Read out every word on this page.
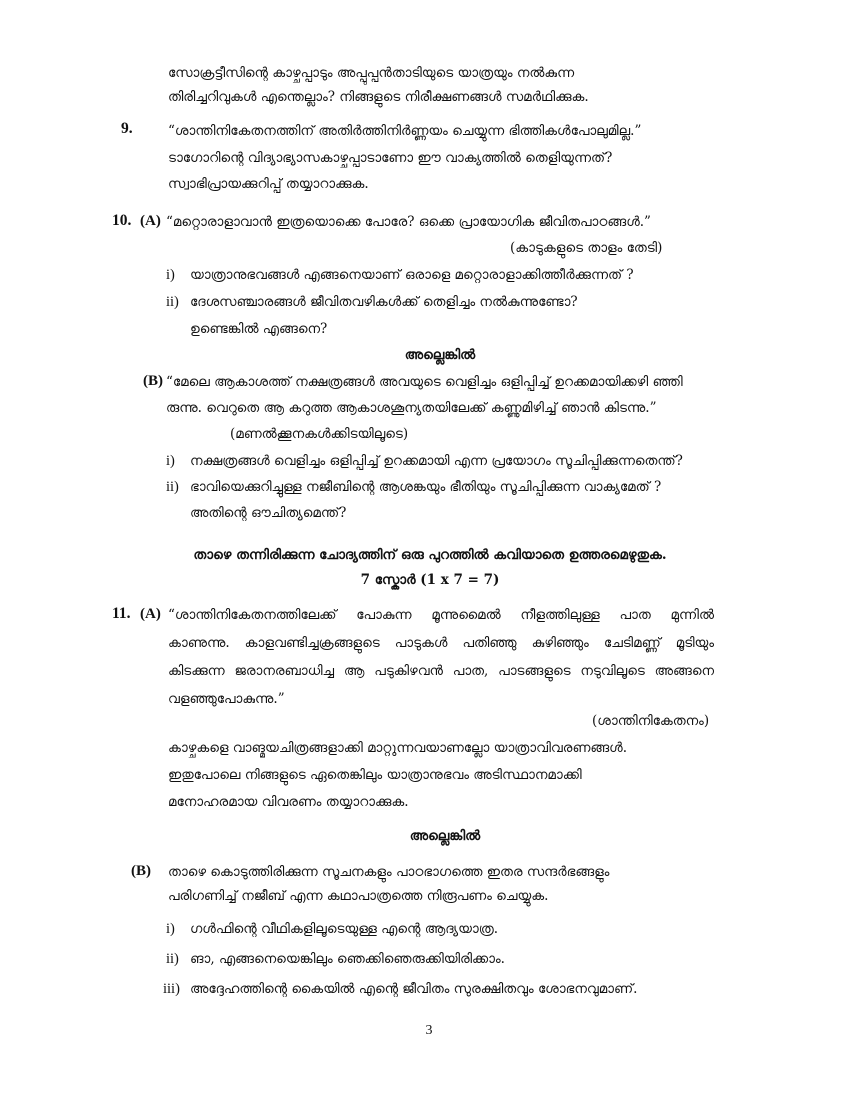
സോക്രട്ടീസിന്റെ കാഴ്ചപ്പാടും അപ്പുപ്പൻതാടിയുടെ യാത്രയും നൽകുന്ന
തിരിച്ചറിവുകൾ എന്തെല്ലാം? നിങ്ങളുടെ നിരീക്ഷണങ്ങൾ സമർഥിക്കുക.
9.	“ശാന്തിനികേതനത്തിന് അതിർത്തിനിർണ്ണയം ചെയ്യുന്ന ഭിത്തികൾപോലുമില്ല.”
ടാഗോറിന്റെ വിദ്യാഭ്യാസകാഴ്ചപ്പാടാണോ ഈ വാക്യത്തിൽ തെളിയുന്നത്?
സ്വാഭിപ്രായക്കുറിപ്പ് തയ്യാറാക്കുക.
10. (A) “മറ്റൊരാളാവാൻ ഇത്രയൊക്കെ പോരേ? ഒക്കെ പ്രായോഗിക ജീവിതപാഠങ്ങൾ.”
(കാടുകളുടെ താളം തേടി)
i) യാത്രാനുഭവങ്ങൾ എങ്ങനെയാണ് ഒരാളെ മറ്റൊരാളാക്കിത്തീർക്കുന്നത് ?
ii) ദേശസഞ്ചാരങ്ങൾ ജീവിതവഴികൾക്ക് തെളിച്ചം നൽകുന്നുണ്ടോ?
ഉണ്ടെങ്കിൽ എങ്ങനെ?
അല്ലെങ്കിൽ
(B) “മേലെ ആകാശത്ത് നക്ഷത്രങ്ങൾ അവയുടെ വെളിച്ചം ഒളിപ്പിച്ച് ഉറക്കമായിക്കഴി ഞ്ഞി
രുന്നു. വെറുതെ ആ കറുത്ത ആകാശശൂന്യതയിലേക്ക് കണ്ണുമിഴിച്ച് ഞാൻ കിടന്നു.”
(മണൽക്കൂനകൾക്കിടയിലൂടെ)
i) നക്ഷത്രങ്ങൾ വെളിച്ചം ഒളിപ്പിച്ച് ഉറക്കമായി എന്ന പ്രയോഗം സൂചിപ്പിക്കുന്നതെന്ത്?
ii) ഭാവിയെക്കുറിച്ചുള്ള നജീബിന്റെ ആശങ്കയും ഭീതിയും സൂചിപ്പിക്കുന്ന വാക്യമേത് ?
അതിന്റെ ഔചിത്യമെന്ത്?
താഴെ തന്നിരിക്കുന്ന ചോദ്യത്തിന് ഒരു പുറത്തിൽ കവിയാതെ ഉത്തരമെഴുതുക.
7 സ്കോർ (1 x 7 = 7)
11. (A) “ശാന്തിനികേതനത്തിലേക്ക് പോകുന്ന മൂന്നുമൈൽ നീളത്തിലുള്ള പാത മുന്നിൽ
കാണുന്നു. കാളവണ്ടിച്ചക്രങ്ങളുടെ പാടുകൾ പതിഞ്ഞു കുഴിഞ്ഞും ചേടിമണ്ണ് മൂടിയും
കിടക്കുന്ന ജരാനരബാധിച്ച ആ പടുകിഴവൻ പാത, പാടങ്ങളുടെ നടുവിലൂടെ അങ്ങനെ
വളഞ്ഞുപോകുന്നു.”
(ശാന്തിനികേതനം)
കാഴ്ചകളെ വാങ്മയചിത്രങ്ങളാക്കി മാറ്റുന്നവയാണല്ലോ യാത്രാവിവരണങ്ങൾ.
ഇതുപോലെ നിങ്ങളുടെ ഏതെങ്കിലും യാത്രാനുഭവം അടിസ്ഥാനമാക്കി
മനോഹരമായ വിവരണം തയ്യാറാക്കുക.
അല്ലെങ്കിൽ
(B) താഴെ കൊടുത്തിരിക്കുന്ന സൂചനകളും പാഠഭാഗത്തെ ഇതര സന്ദർഭങ്ങളും
പരിഗണിച്ച് നജീബ് എന്ന കഥാപാത്രത്തെ നിരൂപണം ചെയ്യുക.
i) ഗൾഫിന്റെ വീഥികളിലൂടെയുള്ള എന്റെ ആദ്യയാത്ര.
ii) ങാ, എങ്ങനെയെങ്കിലും ഞെക്കിഞെരുക്കിയിരിക്കാം.
iii) അദ്ദേഹത്തിന്റെ കൈയിൽ എന്റെ ജീവിതം സുരക്ഷിതവും ശോഭനവുമാണ്.
3
